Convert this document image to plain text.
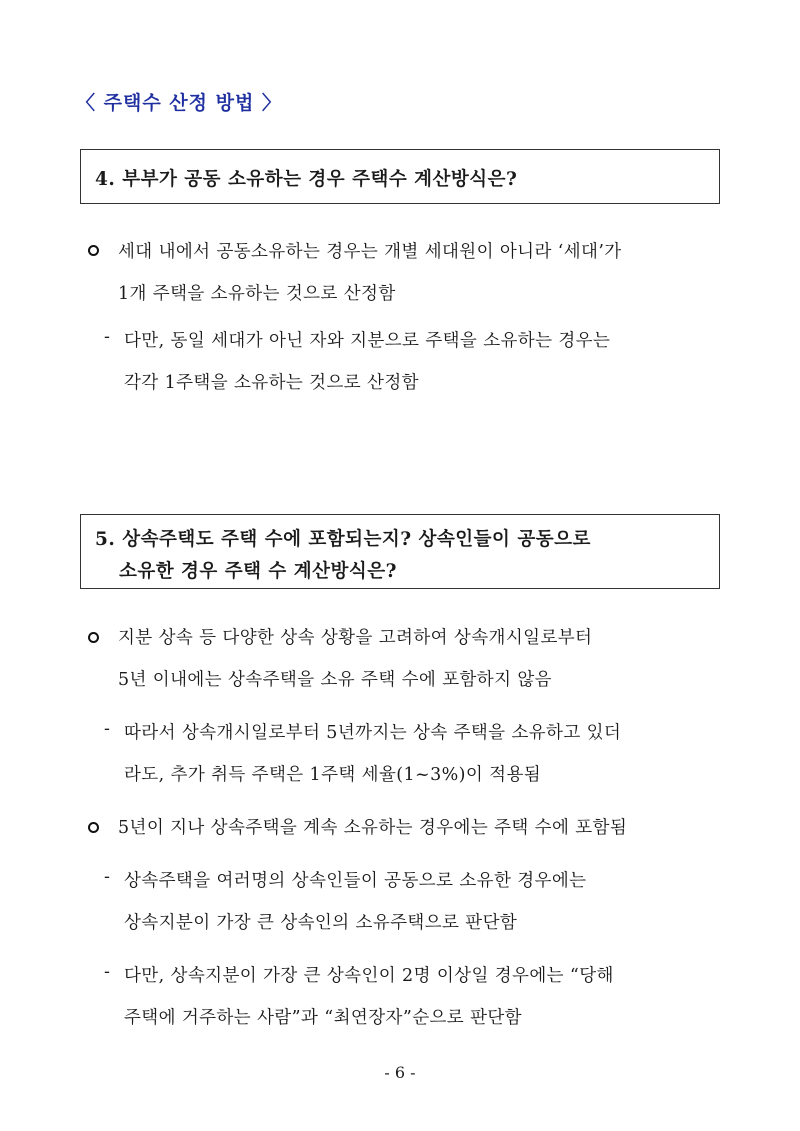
〈 주택수 산정 방법 〉
4. 부부가 공동 소유하는 경우 주택수 계산방식은?
세대 내에서 공동소유하는 경우는 개별 세대원이 아니라 ‘세대’가
1개 주택을 소유하는 것으로 산정함
- 다만, 동일 세대가 아닌 자와 지분으로 주택을 소유하는 경우는
각각 1주택을 소유하는 것으로 산정함
5. 상속주택도 주택 수에 포함되는지? 상속인들이 공동으로
소유한 경우 주택 수 계산방식은?
지분 상속 등 다양한 상속 상황을 고려하여 상속개시일로부터
5년 이내에는 상속주택을 소유 주택 수에 포함하지 않음
- 따라서 상속개시일로부터 5년까지는 상속 주택을 소유하고 있더
라도, 추가 취득 주택은 1주택 세율(1~3%)이 적용됨
5년이 지나 상속주택을 계속 소유하는 경우에는 주택 수에 포함됨
- 상속주택을 여러명의 상속인들이 공동으로 소유한 경우에는
상속지분이 가장 큰 상속인의 소유주택으로 판단함
- 다만, 상속지분이 가장 큰 상속인이 2명 이상일 경우에는 “당해
주택에 거주하는 사람”과 “최연장자”순으로 판단함
- 6 -
